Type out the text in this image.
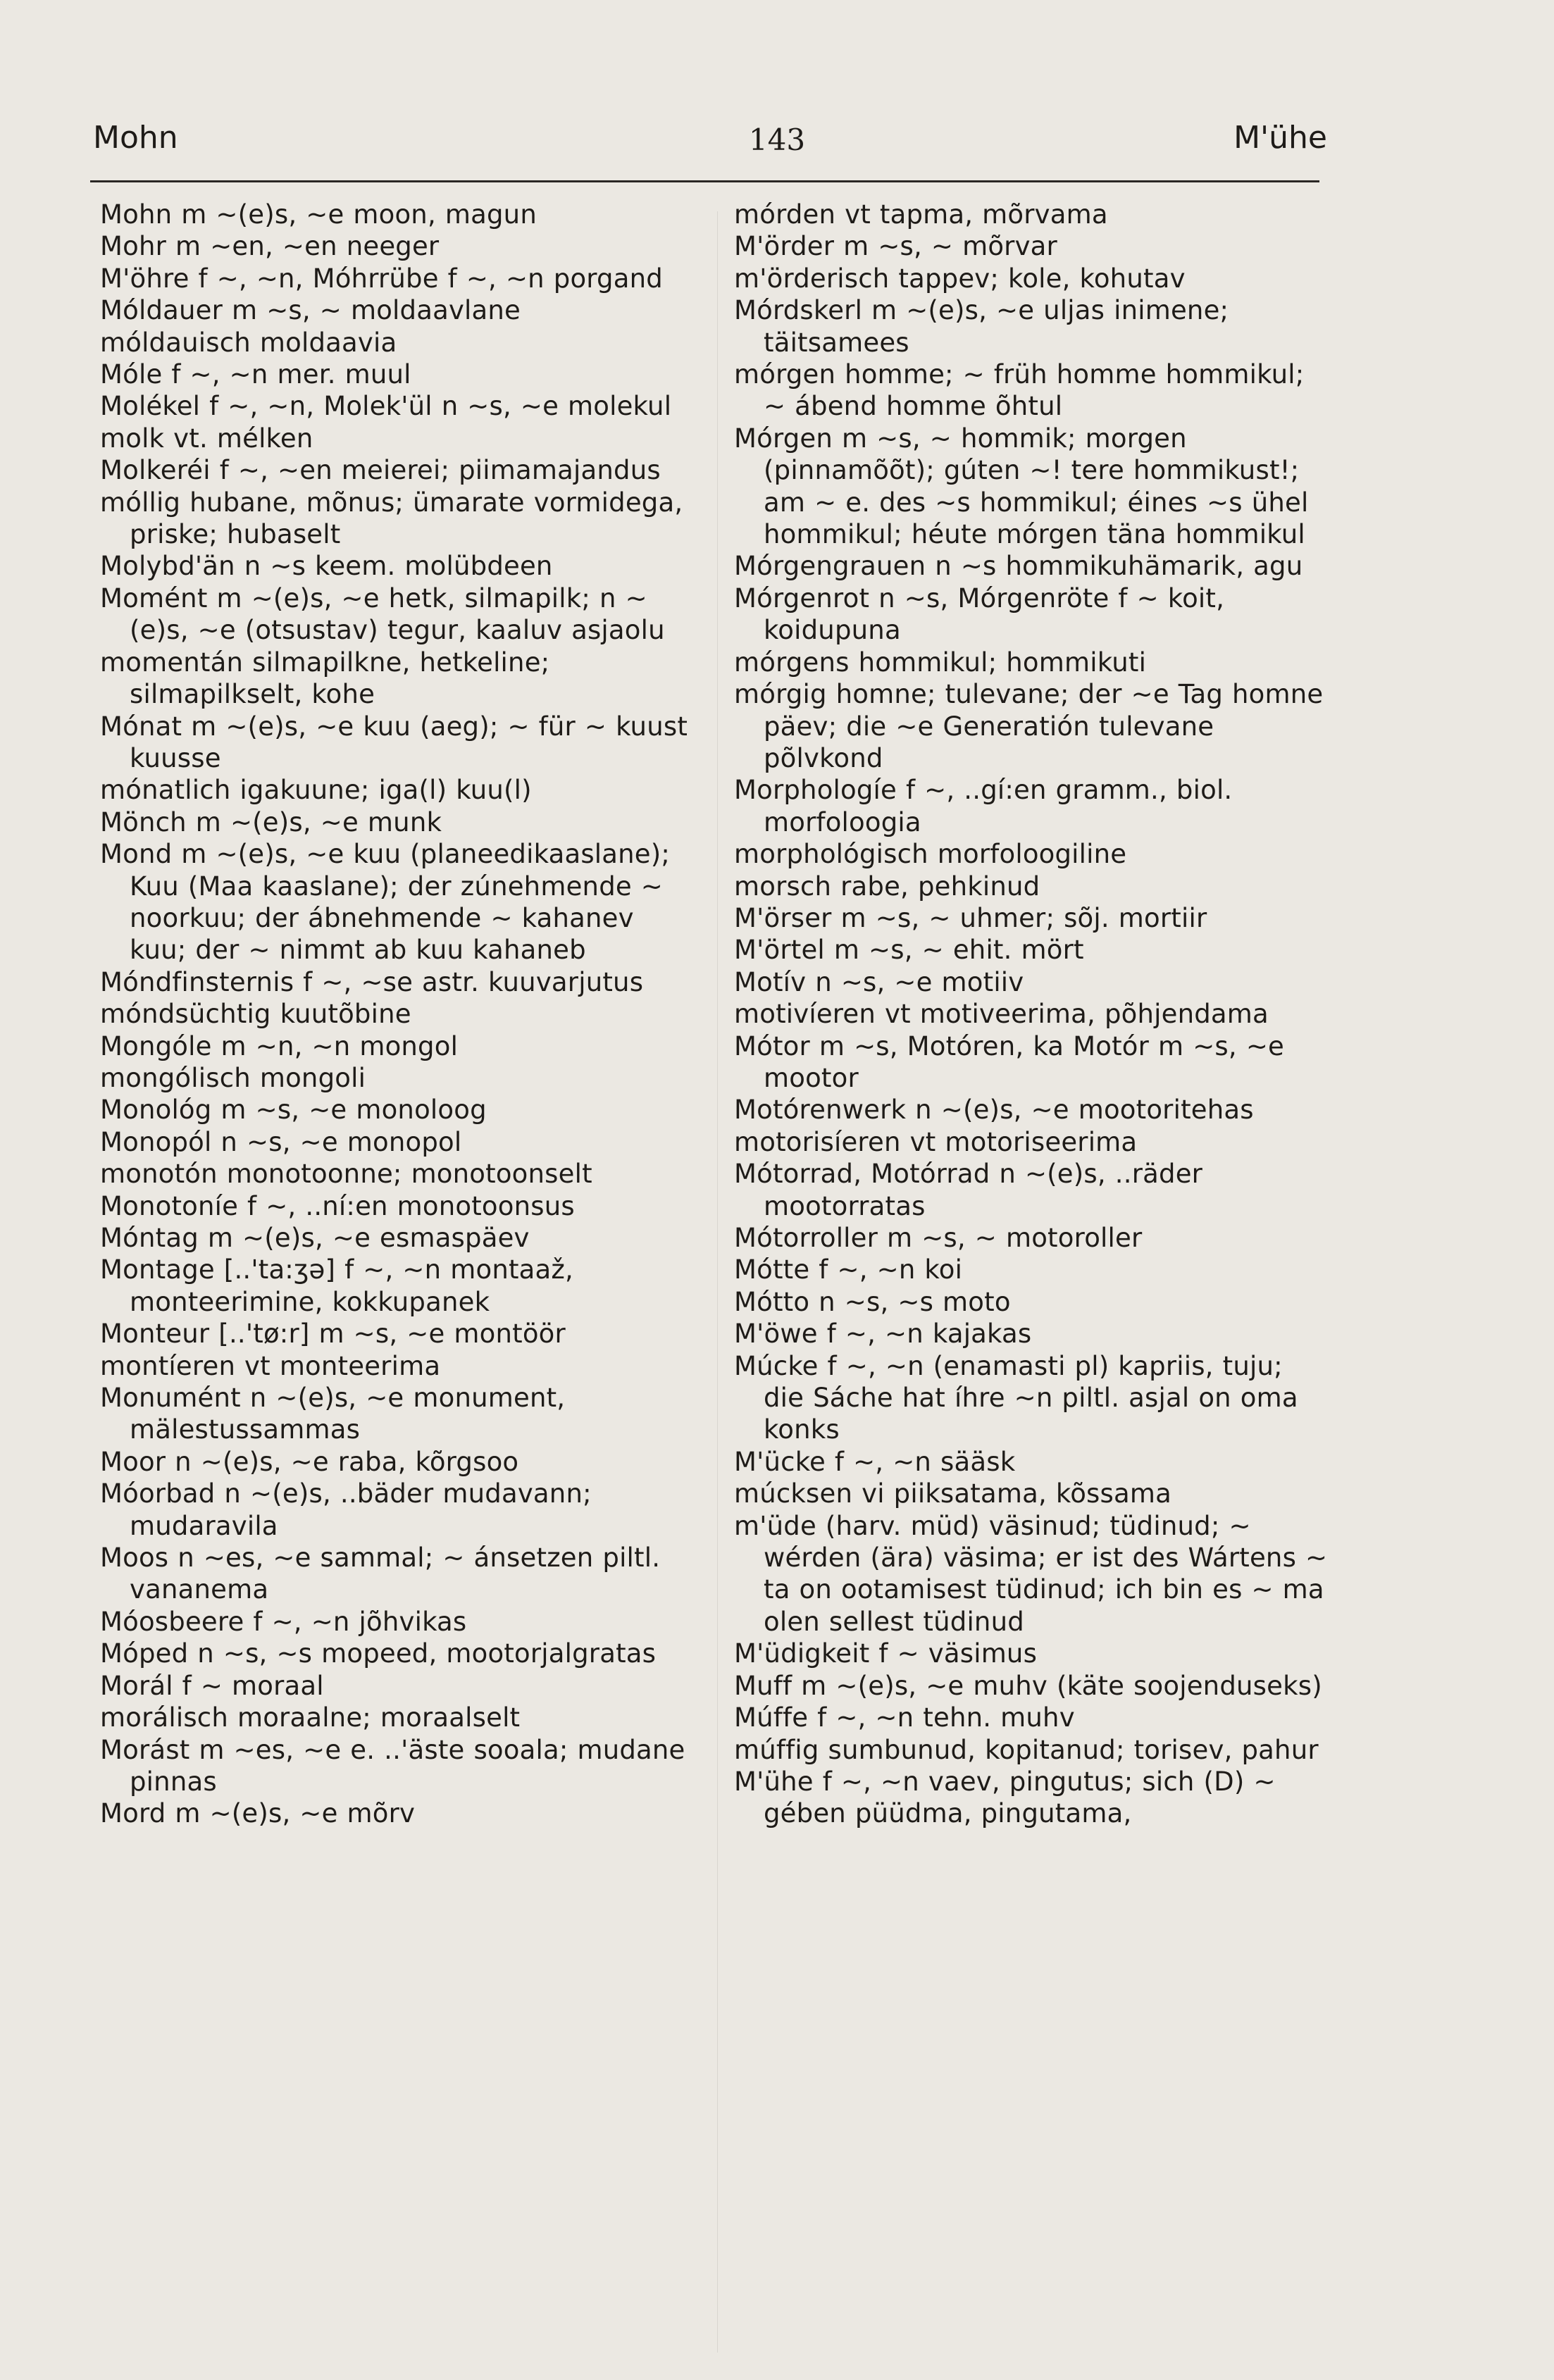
Mohn	143	M'ühe

Mohn m ~(e)s, ~e moon, magun

Mohr m ~en, ~en neeger

M'öhre f ~, ~n, Móhrrübe f ~, ~n porgand

Móldauer m ~s, ~ moldaavlane

móldauisch moldaavia

Móle f ~, ~n mer. muul

Molékel f ~, ~n, Molek'ül n ~s, ~e molekul

molk vt. mélken

Molkeréi f ~, ~en meierei; piimamajandus

móllig hubane, mõnus; ümarate vormidega, priske; hubaselt

Molybd'än n ~s keem. molübdeen

Momént m ~(e)s, ~e hetk, silmapilk; n ~(e)s, ~e (otsustav) tegur, kaaluv asjaolu

momentán silmapilkne, hetkeline; silmapilkselt, kohe

Mónat m ~(e)s, ~e kuu (aeg); ~ für ~ kuust kuusse

mónatlich igakuune; iga(l) kuu(l)

Mönch m ~(e)s, ~e munk

Mond m ~(e)s, ~e kuu (planeedikaaslane); Kuu (Maa kaaslane); der zúnehmende ~ noorkuu; der ábnehmende ~ kahanev kuu; der ~ nimmt ab kuu kahaneb

Móndfinsternis f ~, ~se astr. kuuvarjutus

móndsüchtig kuutõbine

Mongóle m ~n, ~n mongol

mongólisch mongoli

Monológ m ~s, ~e monoloog

Monopól n ~s, ~e monopol

monotón monotoonne; monotoonselt

Monotoníe f ~, ..ní:en monotoonsus

Móntag m ~(e)s, ~e esmaspäev

Montage [..'ta:ʒə] f ~, ~n montaaž, monteerimine, kokkupanek

Monteur [..'tø:r] m ~s, ~e montöör

montíeren vt monteerima

Monumént n ~(e)s, ~e monument, mälestussammas

Moor n ~(e)s, ~e raba, kõrgsoo

Móorbad n ~(e)s, ..bäder mudavann; mudaravila

Moos n ~es, ~e sammal; ~ ánsetzen piltl. vananema

Móosbeere f ~, ~n jõhvikas

Móped n ~s, ~s mopeed, mootorjalgratas

Morál f ~ moraal

morálisch moraalne; moraalselt

Morást m ~es, ~e e. ..'äste sooala; mudane pinnas

Mord m ~(e)s, ~e mõrv

mórden vt tapma, mõrvama

M'örder m ~s, ~ mõrvar

m'örderisch tappev; kole, kohutav

Mórdskerl m ~(e)s, ~e uljas inimene; täitsamees

mórgen homme; ~ früh homme hommikul; ~ ábend homme õhtul

Mórgen m ~s, ~ hommik; morgen (pinnamõõt); gúten ~! tere hommikust!; am ~ e. des ~s hommikul; éines ~s ühel hommikul; héute mórgen täna hommikul

Mórgengrauen n ~s hommikuhämarik, agu

Mórgenrot n ~s, Mórgenröte f ~ koit, koidupuna

mórgens hommikul; hommikuti

mórgig homne; tulevane; der ~e Tag homne päev; die ~e Generatión tulevane põlvkond

Morphologíe f ~, ..gí:en gramm., biol. morfoloogia

morphológisch morfoloogiline

morsch rabe, pehkinud

M'örser m ~s, ~ uhmer; sõj. mortiir

M'örtel m ~s, ~ ehit. mört

Motív n ~s, ~e motiiv

motivíeren vt motiveerima, põhjendama

Mótor m ~s, Motóren, ka Motór m ~s, ~e mootor

Motórenwerk n ~(e)s, ~e mootoritehas

motorisíeren vt motoriseerima

Mótorrad, Motórrad n ~(e)s, ..räder mootorratas

Mótorroller m ~s, ~ motoroller

Mótte f ~, ~n koi

Mótto n ~s, ~s moto

M'öwe f ~, ~n kajakas

Múcke f ~, ~n (enamasti pl) kapriis, tuju; die Sáche hat íhre ~n piltl. asjal on oma konks

M'ücke f ~, ~n sääsk

múcksen vi piiksatama, kõssama

m'üde (harv. müd) väsinud; tüdinud; ~ wérden (ära) väsima; er ist des Wártens ~ ta on ootamisest tüdinud; ich bin es ~ ma olen sellest tüdinud

M'üdigkeit f ~ väsimus

Muff m ~(e)s, ~e muhv (käte soojenduseks)

Múffe f ~, ~n tehn. muhv

múffig sumbunud, kopitanud; torisev, pahur

M'ühe f ~, ~n vaev, pingutus; sich (D) ~ gében püüdma, pingutama,
